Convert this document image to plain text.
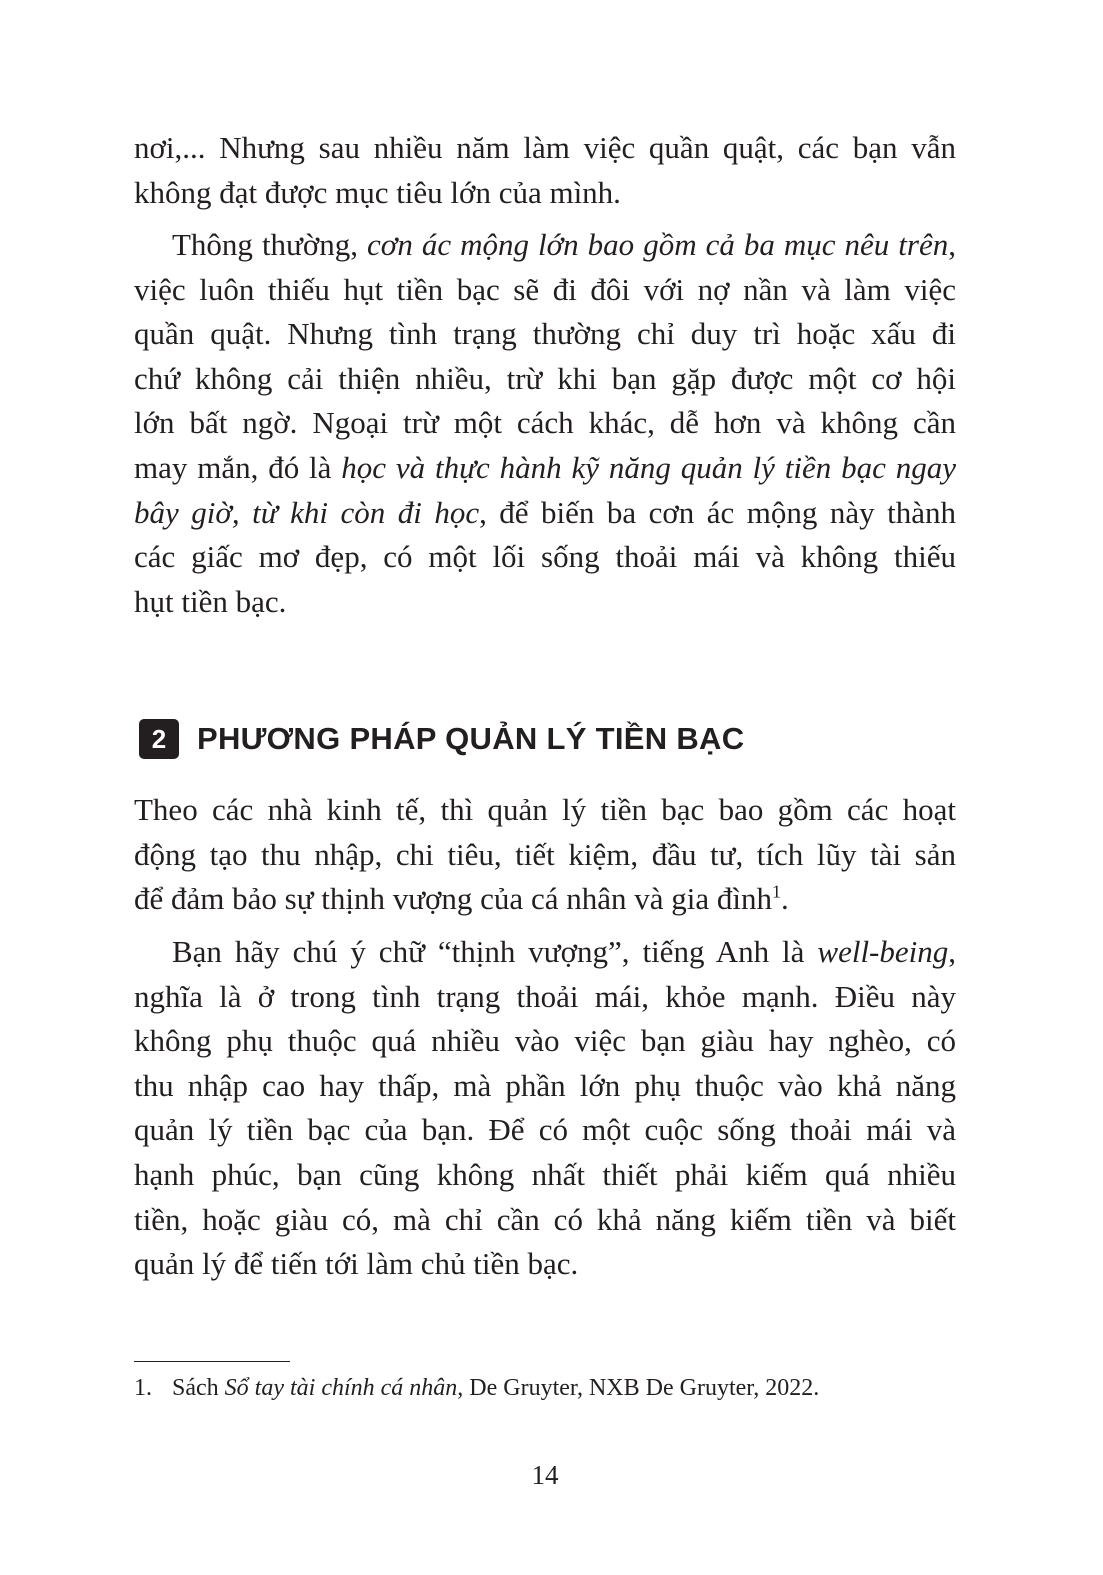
nơi,... Nhưng sau nhiều năm làm việc quần quật, các bạn vẫn
không đạt được mục tiêu lớn của mình.
Thông thường, cơn ác mộng lớn bao gồm cả ba mục nêu trên,
việc luôn thiếu hụt tiền bạc sẽ đi đôi với nợ nần và làm việc
quần quật. Nhưng tình trạng thường chỉ duy trì hoặc xấu đi
chứ không cải thiện nhiều, trừ khi bạn gặp được một cơ hội
lớn bất ngờ. Ngoại trừ một cách khác, dễ hơn và không cần
may mắn, đó là học và thực hành kỹ năng quản lý tiền bạc ngay
bây giờ, từ khi còn đi học, để biến ba cơn ác mộng này thành
các giấc mơ đẹp, có một lối sống thoải mái và không thiếu
hụt tiền bạc.
2 PHƯƠNG PHÁP QUẢN LÝ TIỀN BẠC
Theo các nhà kinh tế, thì quản lý tiền bạc bao gồm các hoạt
động tạo thu nhập, chi tiêu, tiết kiệm, đầu tư, tích lũy tài sản
để đảm bảo sự thịnh vượng của cá nhân và gia đình$^1$.
Bạn hãy chú ý chữ “thịnh vượng”, tiếng Anh là well-being,
nghĩa là ở trong tình trạng thoải mái, khỏe mạnh. Điều này
không phụ thuộc quá nhiều vào việc bạn giàu hay nghèo, có
thu nhập cao hay thấp, mà phần lớn phụ thuộc vào khả năng
quản lý tiền bạc của bạn. Để có một cuộc sống thoải mái và
hạnh phúc, bạn cũng không nhất thiết phải kiếm quá nhiều
tiền, hoặc giàu có, mà chỉ cần có khả năng kiếm tiền và biết
quản lý để tiến tới làm chủ tiền bạc.
1. Sách Sổ tay tài chính cá nhân, De Gruyter, NXB De Gruyter, 2022.
14
